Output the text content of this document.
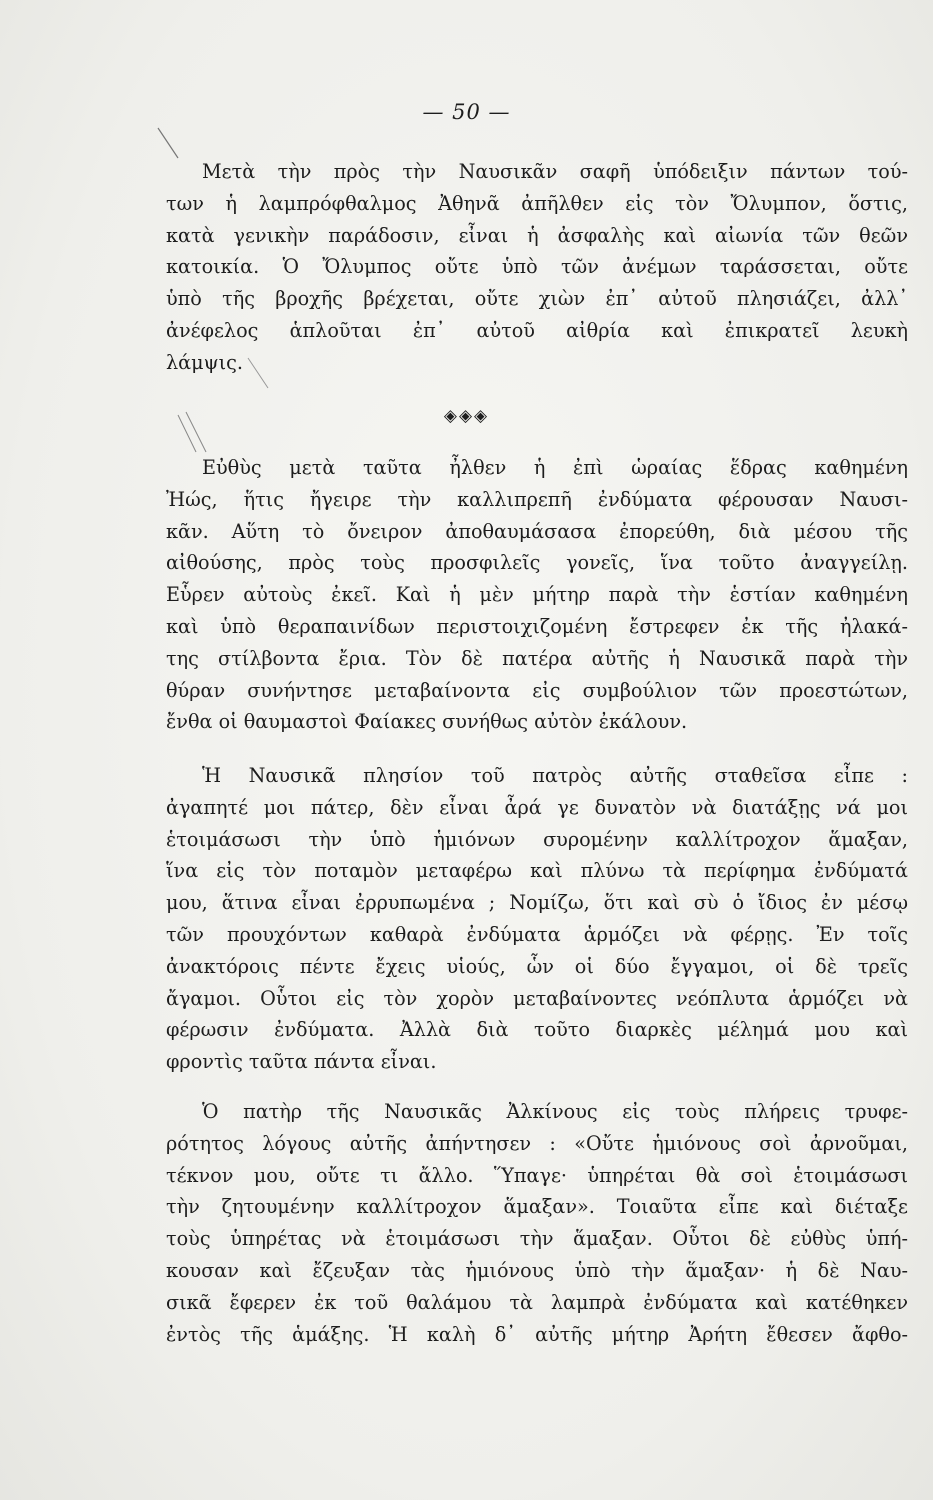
— 50 —
◈◈◈
Μετὰ τὴν πρὸς τὴν Ναυσικᾶν σαφῆ ὑπόδειξιν πάντων τού-
των ἡ λαμπρόφθαλμος Ἀθηνᾶ ἀπῆλθεν εἰς τὸν Ὄλυμπον, ὅστις,
κατὰ γενικὴν παράδοσιν, εἶναι ἡ ἀσφαλὴς καὶ αἰωνία τῶν θεῶν
κατοικία. Ὁ Ὄλυμπος οὔτε ὑπὸ τῶν ἀνέμων ταράσσεται, οὔτε
ὑπὸ τῆς βροχῆς βρέχεται, οὔτε χιὼν ἐπ᾽ αὐτοῦ πλησιάζει, ἀλλ᾽
ἀνέφελος ἁπλοῦται ἐπ᾽ αὐτοῦ αἰθρία καὶ ἐπικρατεῖ λευκὴ
λάμψις.
Εὐθὺς μετὰ ταῦτα ἦλθεν ἡ ἐπὶ ὡραίας ἕδρας καθημένη
Ἠώς, ἥτις ἤγειρε τὴν καλλιπρεπῆ ἐνδύματα φέρουσαν Ναυσι-
κᾶν. Αὕτη τὸ ὄνειρον ἀποθαυμάσασα ἐπορεύθη, διὰ μέσου τῆς
αἰθούσης, πρὸς τοὺς προσφιλεῖς γονεῖς, ἵνα τοῦτο ἀναγγείλῃ.
Εὗρεν αὐτοὺς ἐκεῖ. Καὶ ἡ μὲν μήτηρ παρὰ τὴν ἑστίαν καθημένη
καὶ ὑπὸ θεραπαινίδων περιστοιχιζομένη ἔστρεφεν ἐκ τῆς ἠλακά-
της στίλβοντα ἔρια. Τὸν δὲ πατέρα αὐτῆς ἡ Ναυσικᾶ παρὰ τὴν
θύραν συνήντησε μεταβαίνοντα εἰς συμβούλιον τῶν προεστώτων,
ἔνθα οἱ θαυμαστοὶ Φαίακες συνήθως αὐτὸν ἐκάλουν.
Ἡ Ναυσικᾶ πλησίον τοῦ πατρὸς αὐτῆς σταθεῖσα εἶπε :
ἀγαπητέ μοι πάτερ, δὲν εἶναι ἆρά γε δυνατὸν νὰ διατάξῃς νά μοι
ἑτοιμάσωσι τὴν ὑπὸ ἡμιόνων συρομένην καλλίτροχον ἅμαξαν,
ἵνα εἰς τὸν ποταμὸν μεταφέρω καὶ πλύνω τὰ περίφημα ἐνδύματά
μου, ἅτινα εἶναι ἐρρυπωμένα ; Νομίζω, ὅτι καὶ σὺ ὁ ἴδιος ἐν μέσῳ
τῶν προυχόντων καθαρὰ ἐνδύματα ἁρμόζει νὰ φέρῃς. Ἐν τοῖς
ἀνακτόροις πέντε ἔχεις υἱούς, ὧν οἱ δύο ἔγγαμοι, οἱ δὲ τρεῖς
ἄγαμοι. Οὗτοι εἰς τὸν χορὸν μεταβαίνοντες νεόπλυτα ἁρμόζει νὰ
φέρωσιν ἐνδύματα. Ἀλλὰ διὰ τοῦτο διαρκὲς μέλημά μου καὶ
φροντὶς ταῦτα πάντα εἶναι.
Ὁ πατὴρ τῆς Ναυσικᾶς Ἀλκίνους εἰς τοὺς πλήρεις τρυφε-
ρότητος λόγους αὐτῆς ἀπήντησεν : «Οὔτε ἡμιόνους σοὶ ἀρνοῦμαι,
τέκνον μου, οὔτε τι ἄλλο. Ὕπαγε· ὑπηρέται θὰ σοὶ ἑτοιμάσωσι
τὴν ζητουμένην καλλίτροχον ἅμαξαν». Τοιαῦτα εἶπε καὶ διέταξε
τοὺς ὑπηρέτας νὰ ἑτοιμάσωσι τὴν ἅμαξαν. Οὗτοι δὲ εὐθὺς ὑπή-
κουσαν καὶ ἔζευξαν τὰς ἡμιόνους ὑπὸ τὴν ἅμαξαν· ἡ δὲ Ναυ-
σικᾶ ἔφερεν ἐκ τοῦ θαλάμου τὰ λαμπρὰ ἐνδύματα καὶ κατέθηκεν
ἐντὸς τῆς ἁμάξης. Ἡ καλὴ δ᾽ αὐτῆς μήτηρ Ἀρήτη ἔθεσεν ἄφθο-
